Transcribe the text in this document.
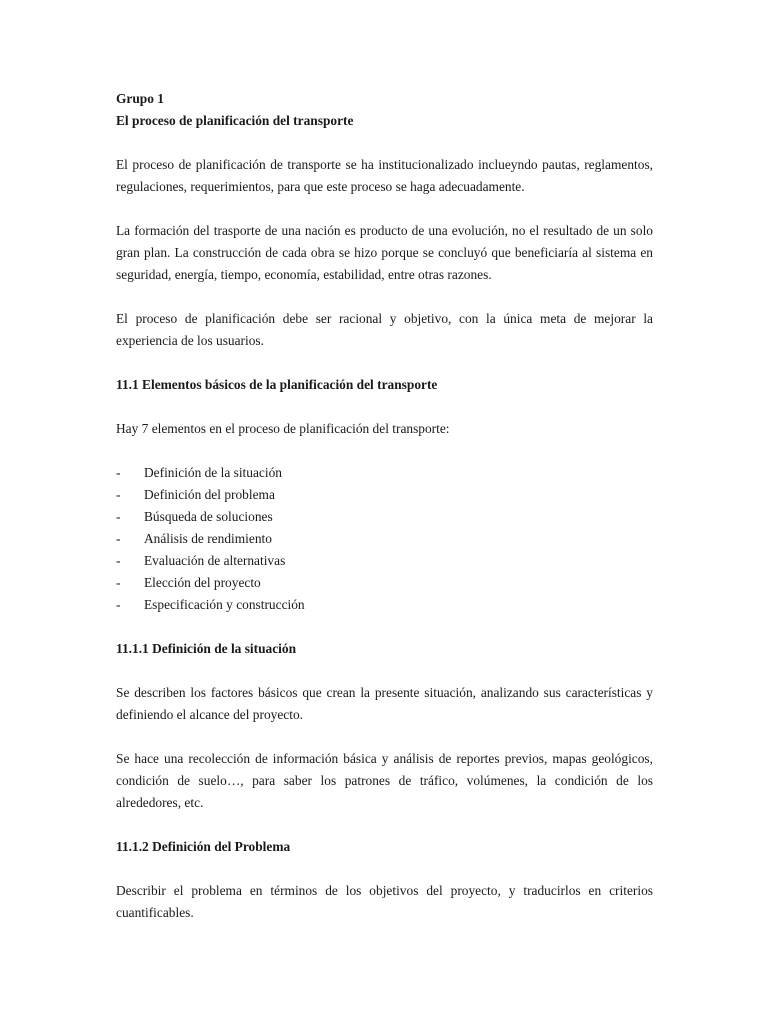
Grupo 1

El proceso de planificación del transporte

El proceso de planificación de transporte se ha institucionalizado inclueyndo pautas, reglamentos, regulaciones, requerimientos, para que este proceso se haga adecuadamente.

La formación del trasporte de una nación es producto de una evolución, no el resultado de un solo gran plan. La construcción de cada obra se hizo porque se concluyó que beneficiaría al sistema en seguridad, energía, tiempo, economía, estabilidad, entre otras razones.

El proceso de planificación debe ser racional y objetivo, con la única meta de mejorar la experiencia de los usuarios.

11.1 Elementos básicos de la planificación del transporte

Hay 7 elementos en el proceso de planificación del transporte:

-	Definición de la situación
-	Definición del problema
-	Búsqueda de soluciones
-	Análisis de rendimiento
-	Evaluación de alternativas
-	Elección del proyecto
-	Especificación y construcción

11.1.1 Definición de la situación

Se describen los factores básicos que crean la presente situación, analizando sus características y definiendo el alcance del proyecto.

Se hace una recolección de información básica y análisis de reportes previos, mapas geológicos, condición de suelo…, para saber los patrones de tráfico, volúmenes, la condición de los alrededores, etc.

11.1.2 Definición del Problema

Describir el problema en términos de los objetivos del proyecto, y traducirlos en criterios cuantificables.
